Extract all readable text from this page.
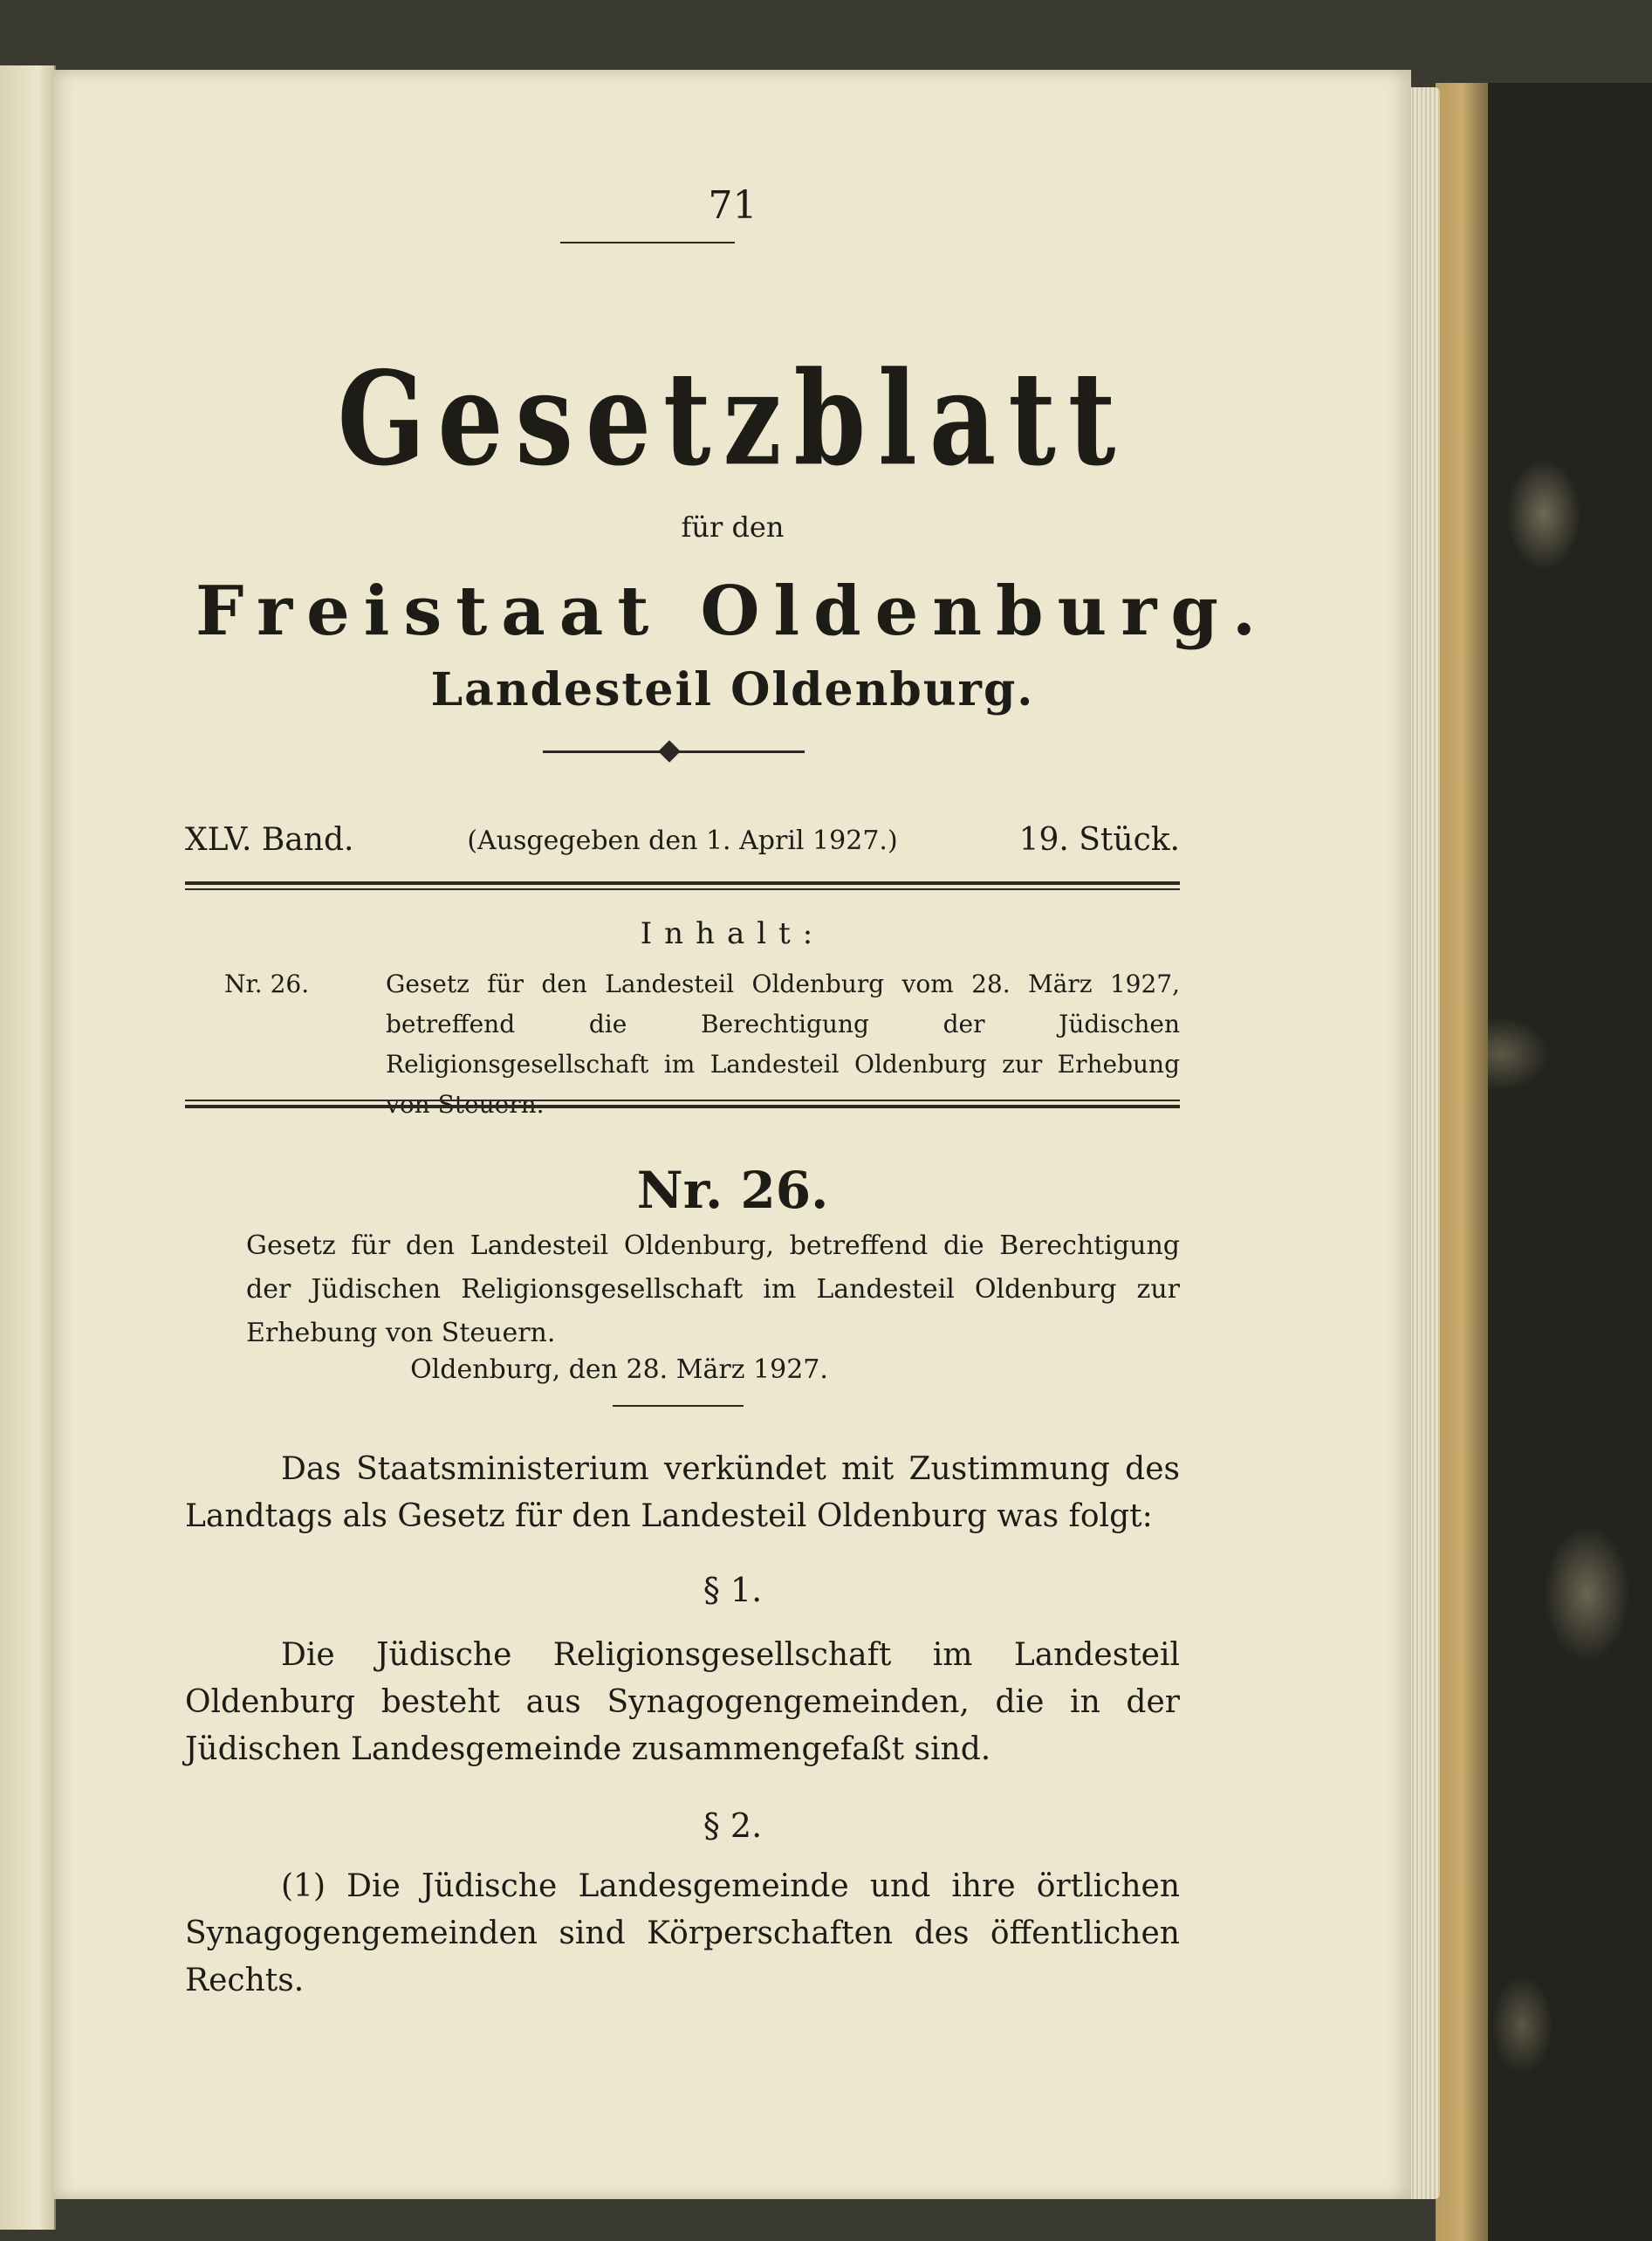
71
Gesetzblatt
für den
Freistaat Oldenburg.
Landesteil Oldenburg.
XLV. Band.	(Ausgegeben den 1. April 1927.)	19. Stück.
Inhalt:
Nr. 26.	Gesetz für den Landesteil Oldenburg vom 28. März 1927, betreffend die Berechtigung der Jüdischen Religionsgesellschaft im Landesteil Oldenburg zur Erhebung
Nr. 26.
Gesetz für den Landesteil Oldenburg, betreffend die Berechtigung der Jüdischen Religionsgesellschaft im Landesteil Oldenburg zur Erhebung von Steuern.
Oldenburg, den 28. März 1927.
Das Staatsministerium verkündet mit Zustimmung des Landtags als Gesetz für den Landesteil Oldenburg was folgt:
§ 1.
Die Jüdische Religionsgesellschaft im Landesteil Oldenburg besteht aus Synagogengemeinden, die in der Jüdischen Landesgemeinde zusammengefaßt sind.
§ 2.
(1) Die Jüdische Landesgemeinde und ihre örtlichen Synagogengemeinden sind Körperschaften des öffentlichen Rechts.
